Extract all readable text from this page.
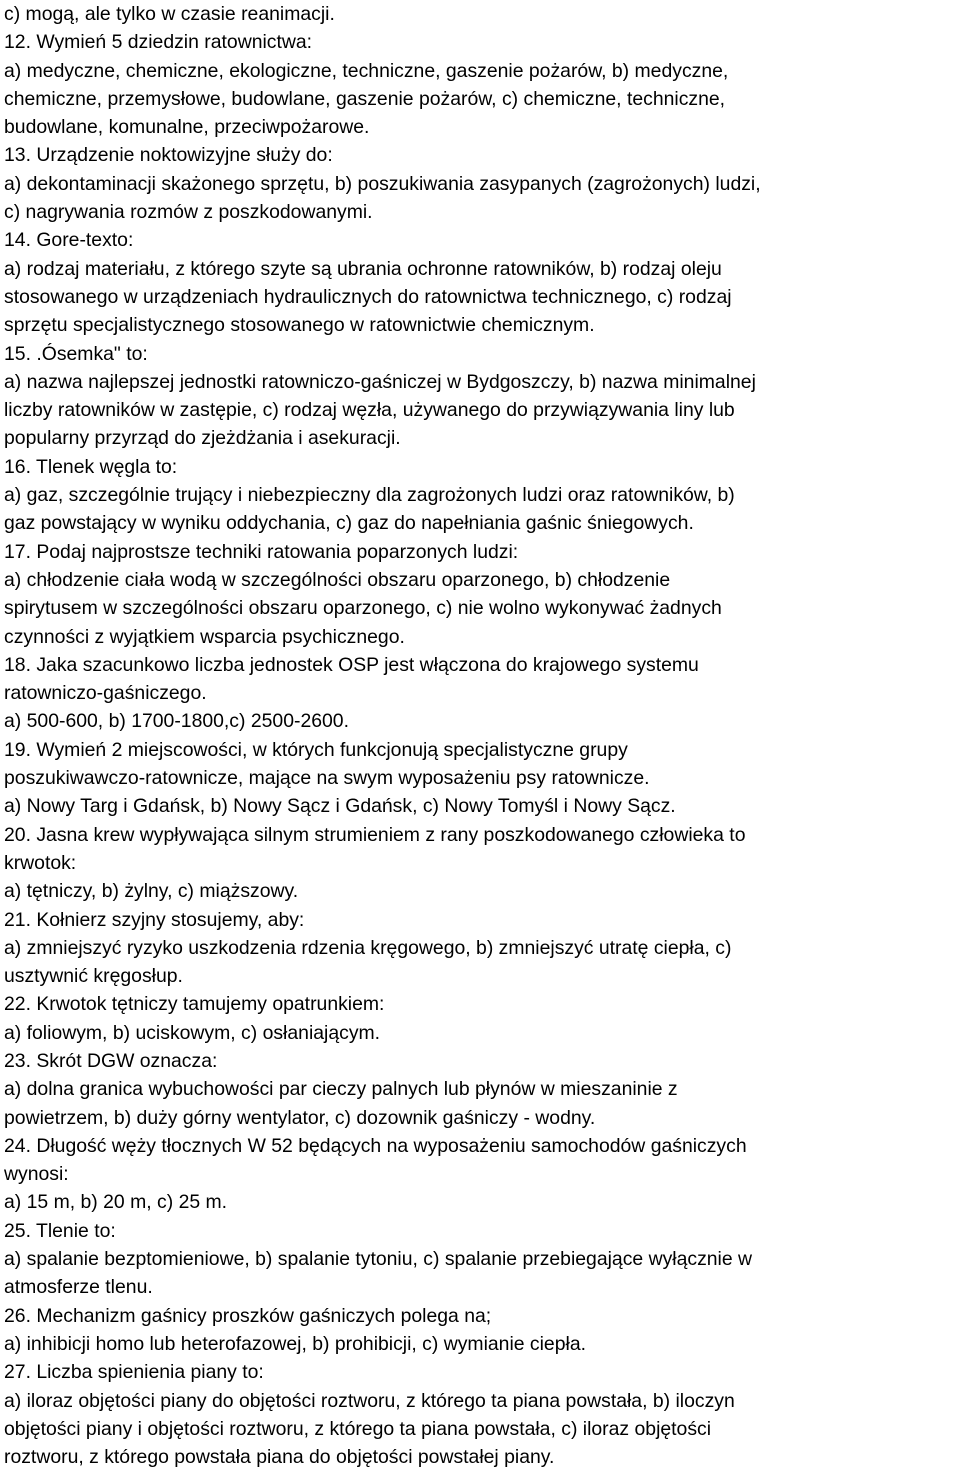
c) mogą, ale tylko w czasie reanimacji.
12. Wymień 5 dziedzin ratownictwa:
a) medyczne, chemiczne, ekologiczne, techniczne, gaszenie pożarów, b) medyczne,
chemiczne, przemysłowe, budowlane, gaszenie pożarów, c) chemiczne, techniczne,
budowlane, komunalne, przeciwpożarowe.
13. Urządzenie noktowizyjne służy do:
a) dekontaminacji skażonego sprzętu, b) poszukiwania zasypanych (zagrożonych) ludzi,
c) nagrywania rozmów z poszkodowanymi.
14. Gore-texto:
a) rodzaj materiału, z którego szyte są ubrania ochronne ratowników, b) rodzaj oleju
stosowanego w urządzeniach hydraulicznych do ratownictwa technicznego, c) rodzaj
sprzętu specjalistycznego stosowanego w ratownictwie chemicznym.
15. .Ósemka" to:
a) nazwa najlepszej jednostki ratowniczo-gaśniczej w Bydgoszczy, b) nazwa minimalnej
liczby ratowników w zastępie, c) rodzaj węzła, używanego do przywiązywania liny lub
popularny przyrząd do zjeżdżania i asekuracji.
16. Tlenek węgla to:
a) gaz, szczególnie trujący i niebezpieczny dla zagrożonych ludzi oraz ratowników, b)
gaz powstający w wyniku oddychania, c) gaz do napełniania gaśnic śniegowych.
17. Podaj najprostsze techniki ratowania poparzonych ludzi:
a) chłodzenie ciała wodą w szczególności obszaru oparzonego, b) chłodzenie
spirytusem w szczególności obszaru oparzonego, c) nie wolno wykonywać żadnych
czynności z wyjątkiem wsparcia psychicznego.
18. Jaka szacunkowo liczba jednostek OSP jest włączona do krajowego systemu
ratowniczo-gaśniczego.
a) 500-600, b) 1700-1800,c) 2500-2600.
19. Wymień 2 miejscowości, w których funkcjonują specjalistyczne grupy
poszukiwawczo-ratownicze, mające na swym wyposażeniu psy ratownicze.
a) Nowy Targ i Gdańsk, b) Nowy Sącz i Gdańsk, c) Nowy Tomyśl i Nowy Sącz.
20. Jasna krew wypływająca silnym strumieniem z rany poszkodowanego człowieka to
krwotok:
a) tętniczy, b) żylny, c) miąższowy.
21. Kołnierz szyjny stosujemy, aby:
a) zmniejszyć ryzyko uszkodzenia rdzenia kręgowego, b) zmniejszyć utratę ciepła, c)
usztywnić kręgosłup.
22. Krwotok tętniczy tamujemy opatrunkiem:
a) foliowym, b) uciskowym, c) osłaniającym.
23. Skrót DGW oznacza:
a) dolna granica wybuchowości par cieczy palnych lub płynów w mieszaninie z
powietrzem, b) duży górny wentylator, c) dozownik gaśniczy - wodny.
24. Długość węży tłocznych W 52 będących na wyposażeniu samochodów gaśniczych
wynosi:
a) 15 m, b) 20 m, c) 25 m.
25. Tlenie to:
a) spalanie bezptomieniowe, b) spalanie tytoniu, c) spalanie przebiegające wyłącznie w
atmosferze tlenu.
26. Mechanizm gaśnicy proszków gaśniczych polega na;
a) inhibicji homo lub heterofazowej, b) prohibicji, c) wymianie ciepła.
27. Liczba spienienia piany to:
a) iloraz objętości piany do objętości roztworu, z którego ta piana powstała, b) iloczyn
objętości piany i objętości roztworu, z którego ta piana powstała, c) iloraz objętości
roztworu, z którego powstała piana do objętości powstałej piany.
